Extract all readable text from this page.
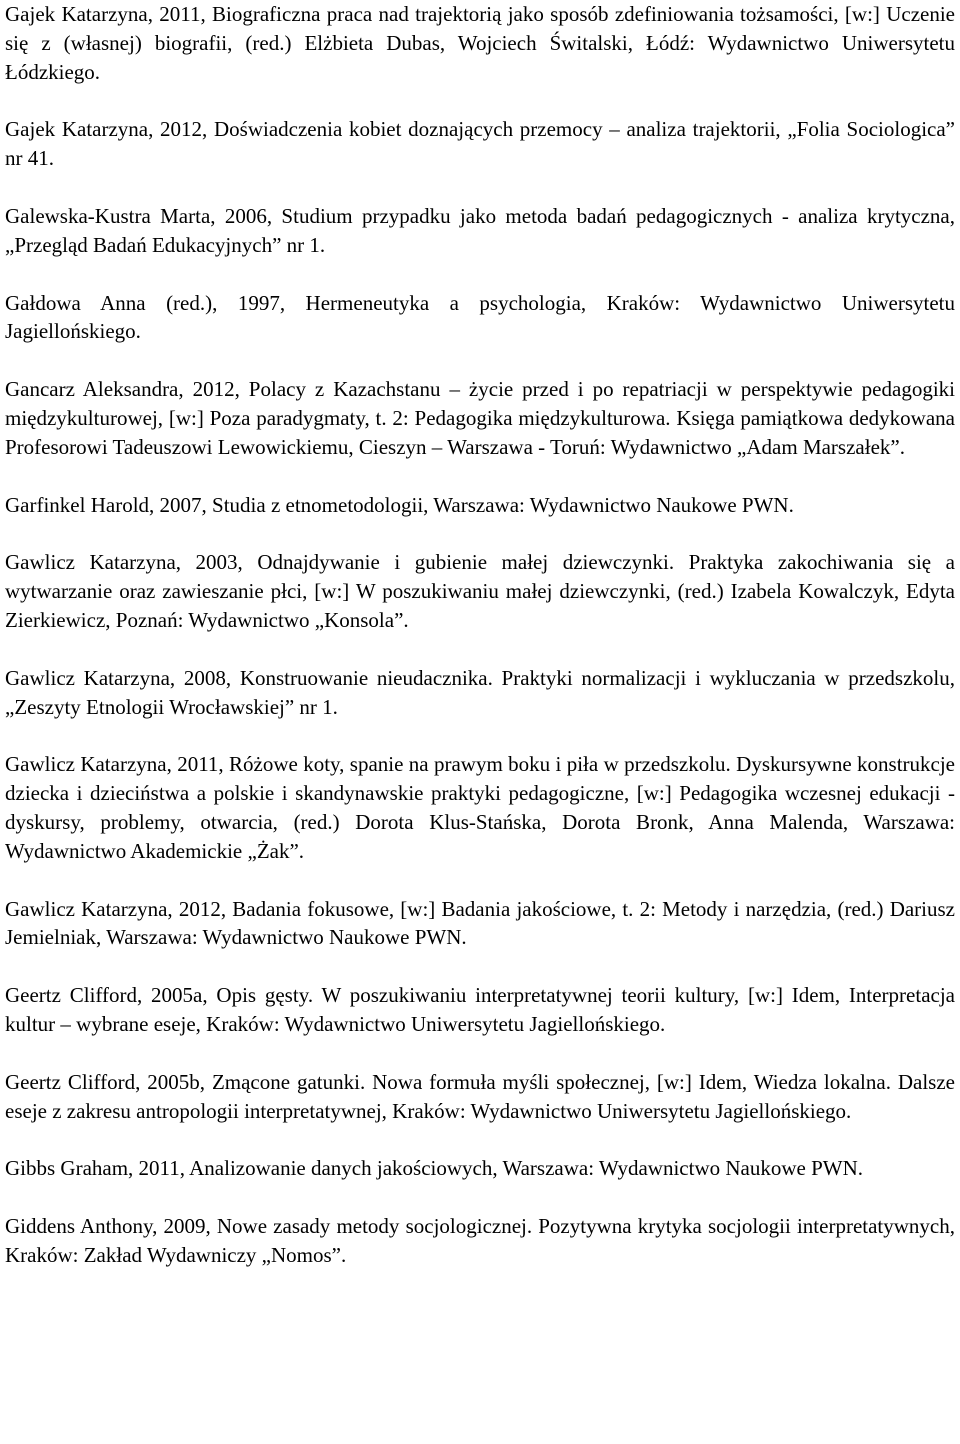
Gajek Katarzyna, 2011, Biograficzna praca nad trajektorią jako sposób zdefiniowania tożsamości, [w:] Uczenie się z (własnej) biografii, (red.) Elżbieta Dubas, Wojciech Świtalski, Łódź: Wydawnictwo Uniwersytetu Łódzkiego.

Gajek Katarzyna, 2012, Doświadczenia kobiet doznających przemocy – analiza trajektorii, „Folia Sociologica” nr 41.

Galewska-Kustra Marta, 2006, Studium przypadku jako metoda badań pedagogicznych - analiza krytyczna, „Przegląd Badań Edukacyjnych” nr 1.

Gałdowa Anna (red.), 1997, Hermeneutyka a psychologia, Kraków: Wydawnictwo Uniwersytetu Jagiellońskiego.

Gancarz Aleksandra, 2012, Polacy z Kazachstanu – życie przed i po repatriacji w perspektywie pedagogiki międzykulturowej, [w:] Poza paradygmaty, t. 2: Pedagogika międzykulturowa. Księga pamiątkowa dedykowana Profesorowi Tadeuszowi Lewowickiemu, Cieszyn – Warszawa - Toruń: Wydawnictwo „Adam Marszałek”.

Garfinkel Harold, 2007, Studia z etnometodologii, Warszawa: Wydawnictwo Naukowe PWN.

Gawlicz Katarzyna, 2003, Odnajdywanie i gubienie małej dziewczynki. Praktyka zakochiwania się a wytwarzanie oraz zawieszanie płci, [w:] W poszukiwaniu małej dziewczynki, (red.) Izabela Kowalczyk, Edyta Zierkiewicz, Poznań: Wydawnictwo „Konsola”.

Gawlicz Katarzyna, 2008, Konstruowanie nieudacznika. Praktyki normalizacji i wykluczania w przedszkolu, „Zeszyty Etnologii Wrocławskiej” nr 1.

Gawlicz Katarzyna, 2011, Różowe koty, spanie na prawym boku i piła w przedszkolu. Dyskursywne konstrukcje dziecka i dzieciństwa a polskie i skandynawskie praktyki pedagogiczne, [w:] Pedagogika wczesnej edukacji - dyskursy, problemy, otwarcia, (red.) Dorota Klus-Stańska, Dorota Bronk, Anna Malenda, Warszawa: Wydawnictwo Akademickie „Żak”.

Gawlicz Katarzyna, 2012, Badania fokusowe, [w:] Badania jakościowe, t. 2: Metody i narzędzia, (red.) Dariusz Jemielniak, Warszawa: Wydawnictwo Naukowe PWN.

Geertz Clifford, 2005a, Opis gęsty. W poszukiwaniu interpretatywnej teorii kultury, [w:] Idem, Interpretacja kultur – wybrane eseje, Kraków: Wydawnictwo Uniwersytetu Jagiellońskiego.

Geertz Clifford, 2005b, Zmącone gatunki. Nowa formuła myśli społecznej, [w:] Idem, Wiedza lokalna. Dalsze eseje z zakresu antropologii interpretatywnej, Kraków: Wydawnictwo Uniwersytetu Jagiellońskiego.

Gibbs Graham, 2011, Analizowanie danych jakościowych, Warszawa: Wydawnictwo Naukowe PWN.

Giddens Anthony, 2009, Nowe zasady metody socjologicznej. Pozytywna krytyka socjologii interpretatywnych, Kraków: Zakład Wydawniczy „Nomos”.
